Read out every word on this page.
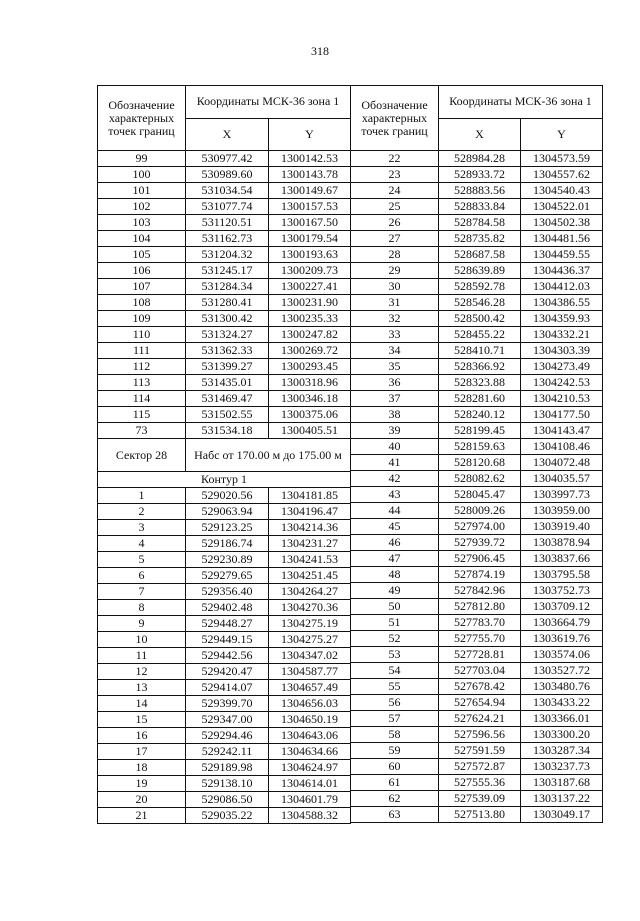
318
Обозначение характерных точек границ	Координаты МСК-36 зона 1	
	X	Y
99	530977.42	1300142.53
100	530989.60	1300143.78
101	531034.54	1300149.67
102	531077.74	1300157.53
103	531120.51	1300167.50
104	531162.73	1300179.54
105	531204.32	1300193.63
106	531245.17	1300209.73
107	531284.34	1300227.41
108	531280.41	1300231.90
109	531300.42	1300235.33
110	531324.27	1300247.82
111	531362.33	1300269.72
112	531399.27	1300293.45
113	531435.01	1300318.96
114	531469.47	1300346.18
115	531502.55	1300375.06
73	531534.18	1300405.51
Сектор 28	Набс от 170.00 м до 175.00 м	
Контур 1		
1	529020.56	1304181.85
2	529063.94	1304196.47
3	529123.25	1304214.36
4	529186.74	1304231.27
5	529230.89	1304241.53
6	529279.65	1304251.45
7	529356.40	1304264.27
8	529402.48	1304270.36
9	529448.27	1304275.19
10	529449.15	1304275.27
11	529442.56	1304347.02
12	529420.47	1304587.77
13	529414.07	1304657.49
14	529399.70	1304656.03
15	529347.00	1304650.19
16	529294.46	1304643.06
17	529242.11	1304634.66
18	529189.98	1304624.97
19	529138.10	1304614.01
20	529086.50	1304601.79
21	529035.22	1304588.32
Обозначение характерных точек границ	Координаты МСК-36 зона 1	
	X	Y
22	528984.28	1304573.59
23	528933.72	1304557.62
24	528883.56	1304540.43
25	528833.84	1304522.01
26	528784.58	1304502.38
27	528735.82	1304481.56
28	528687.58	1304459.55
29	528639.89	1304436.37
30	528592.78	1304412.03
31	528546.28	1304386.55
32	528500.42	1304359.93
33	528455.22	1304332.21
34	528410.71	1304303.39
35	528366.92	1304273.49
36	528323.88	1304242.53
37	528281.60	1304210.53
38	528240.12	1304177.50
39	528199.45	1304143.47
40	528159.63	1304108.46
41	528120.68	1304072.48
42	528082.62	1304035.57
43	528045.47	1303997.73
44	528009.26	1303959.00
45	527974.00	1303919.40
46	527939.72	1303878.94
47	527906.45	1303837.66
48	527874.19	1303795.58
49	527842.96	1303752.73
50	527812.80	1303709.12
51	527783.70	1303664.79
52	527755.70	1303619.76
53	527728.81	1303574.06
54	527703.04	1303527.72
55	527678.42	1303480.76
56	527654.94	1303433.22
57	527624.21	1303366.01
58	527596.56	1303300.20
59	527591.59	1303287.34
60	527572.87	1303237.73
61	527555.36	1303187.68
62	527539.09	1303137.22
63	527513.80	1303049.17
